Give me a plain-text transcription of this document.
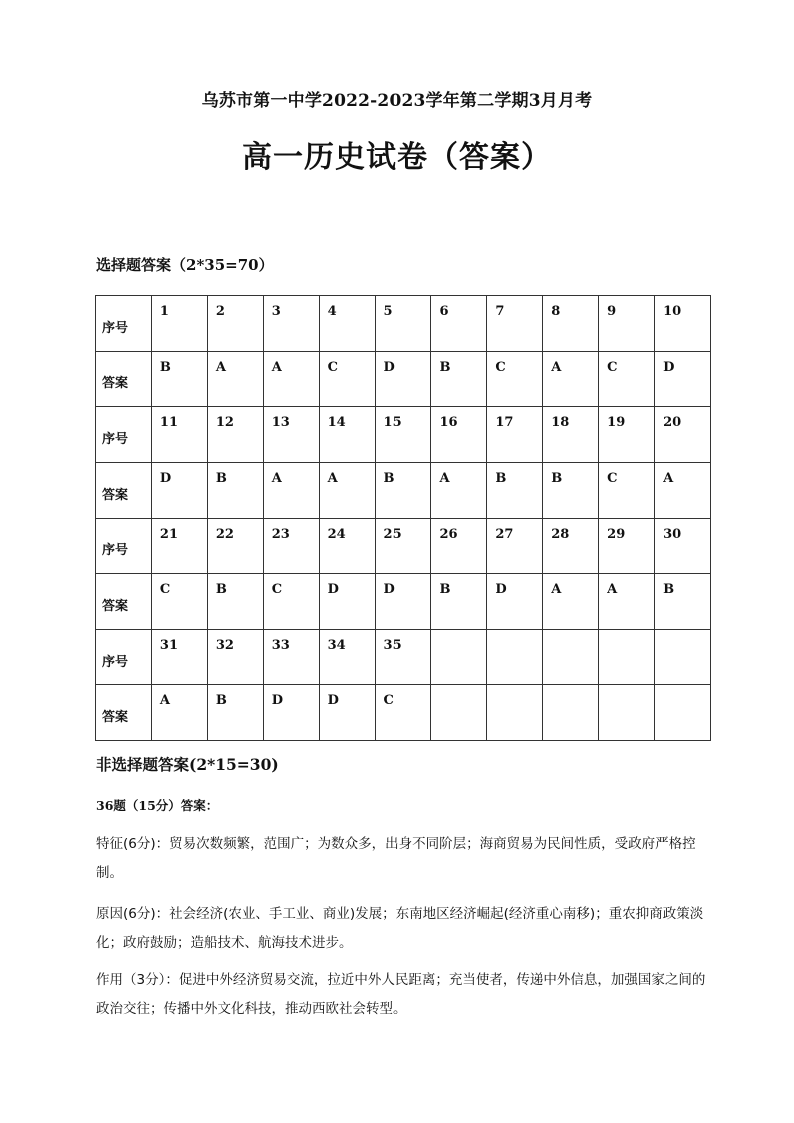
乌苏市第一中学2022-2023学年第二学期3月月考
高一历史试卷（答案）
选择题答案（2*35=70）
序号	1	2	3	4	5	6	7	8	9	10
答案	B	A	A	C	D	B	C	A	C	D
序号	11	12	13	14	15	16	17	18	19	20
答案	D	B	A	A	B	A	B	B	C	A
序号	21	22	23	24	25	26	27	28	29	30
答案	C	B	C	D	D	B	D	A	A	B
序号	31	32	33	34	35					
答案	A	B	D	D	C					
非选择题答案(2*15=30)
36题（15分）答案：
特征(6分)：贸易次数频繁，范围广；为数众多，出身不同阶层；海商贸易为民间性质，受政府严格控制。
原因(6分)：社会经济(农业、手工业、商业)发展；东南地区经济崛起(经济重心南移)；重农抑商政策淡化；政府鼓励；造船技术、航海技术进步。
作用（3分）：促进中外经济贸易交流，拉近中外人民距离；充当使者，传递中外信息，加强国家之间的政治交往；传播中外文化科技，推动西欧社会转型。
